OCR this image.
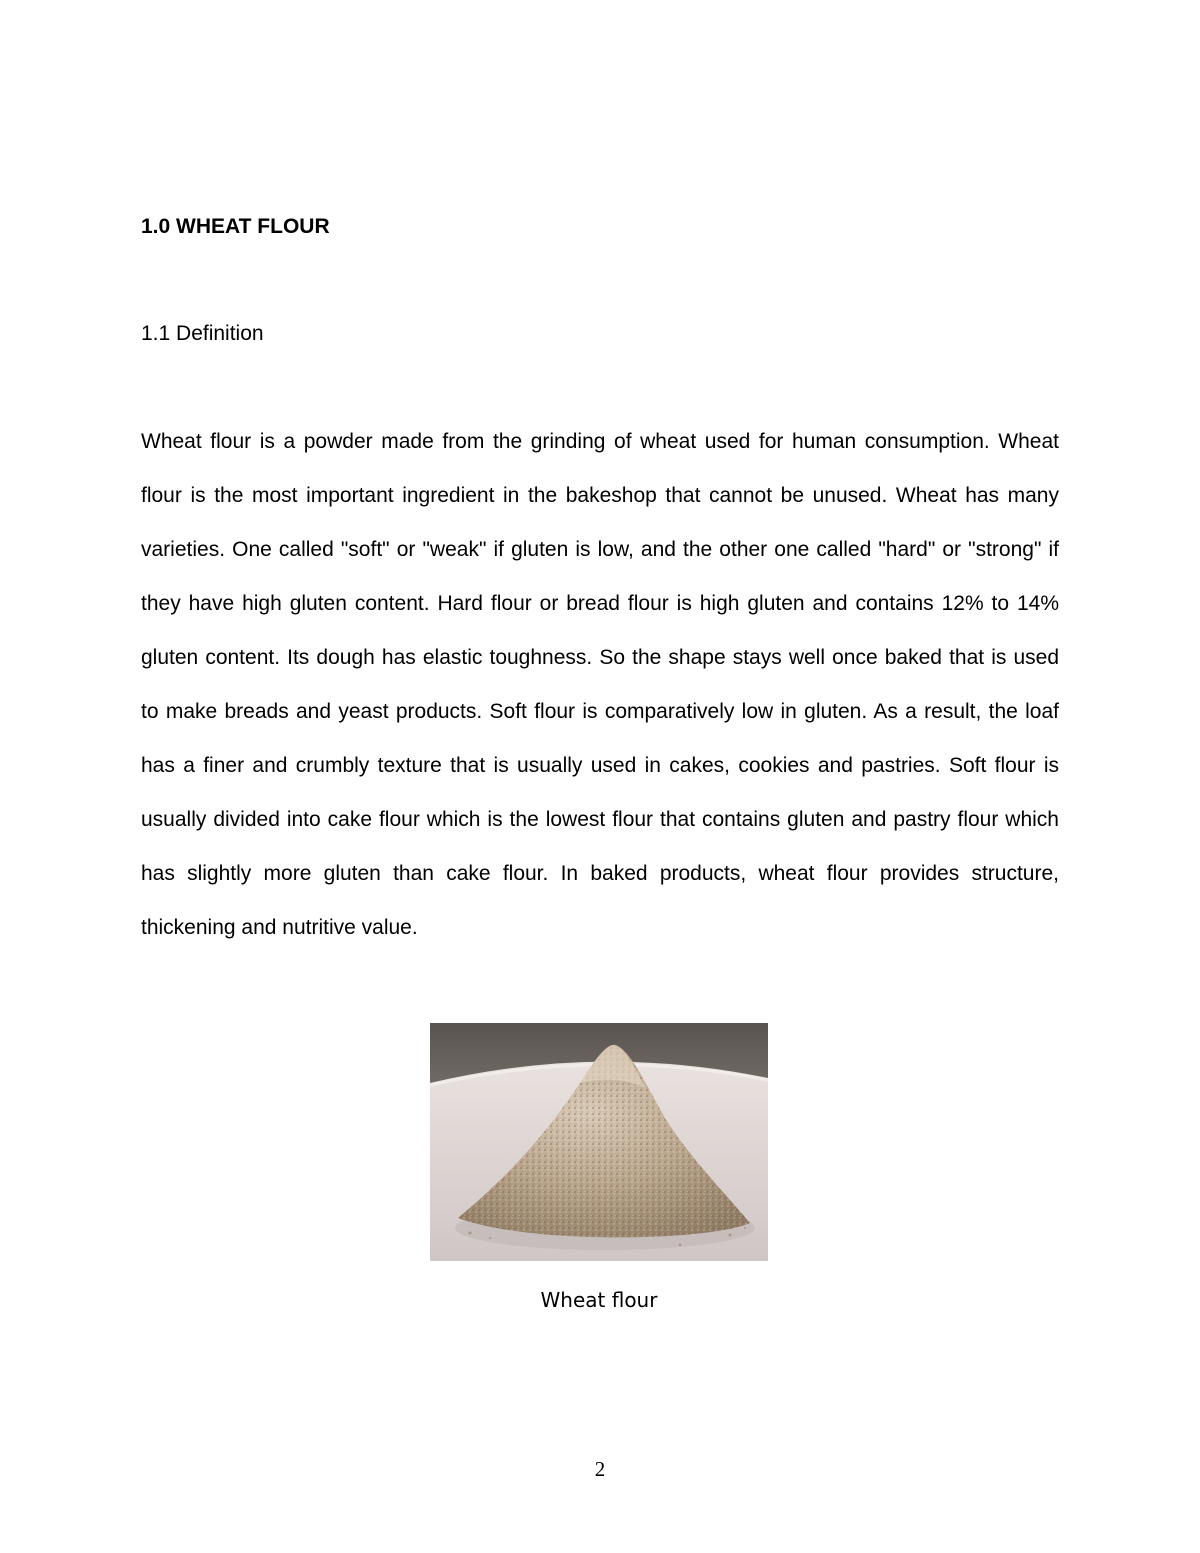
1.0 WHEAT FLOUR
1.1 Definition

Wheat flour is a powder made from the grinding of wheat used for human consumption. Wheat flour is the most important ingredient in the bakeshop that cannot be unused. Wheat has many varieties. One called "soft" or "weak" if gluten is low, and the other one called "hard" or "strong" if they have high gluten content. Hard flour or bread flour is high gluten and contains 12% to 14% gluten content. Its dough has elastic toughness. So the shape stays well once baked that is used to make breads and yeast products. Soft flour is comparatively low in gluten. As a result, the loaf has a finer and crumbly texture that is usually used in cakes, cookies and pastries. Soft flour is usually divided into cake flour which is the lowest flour that contains gluten and pastry flour which has slightly more gluten than cake flour. In baked products, wheat flour provides structure, thickening and nutritive value.

Wheat flour

2
